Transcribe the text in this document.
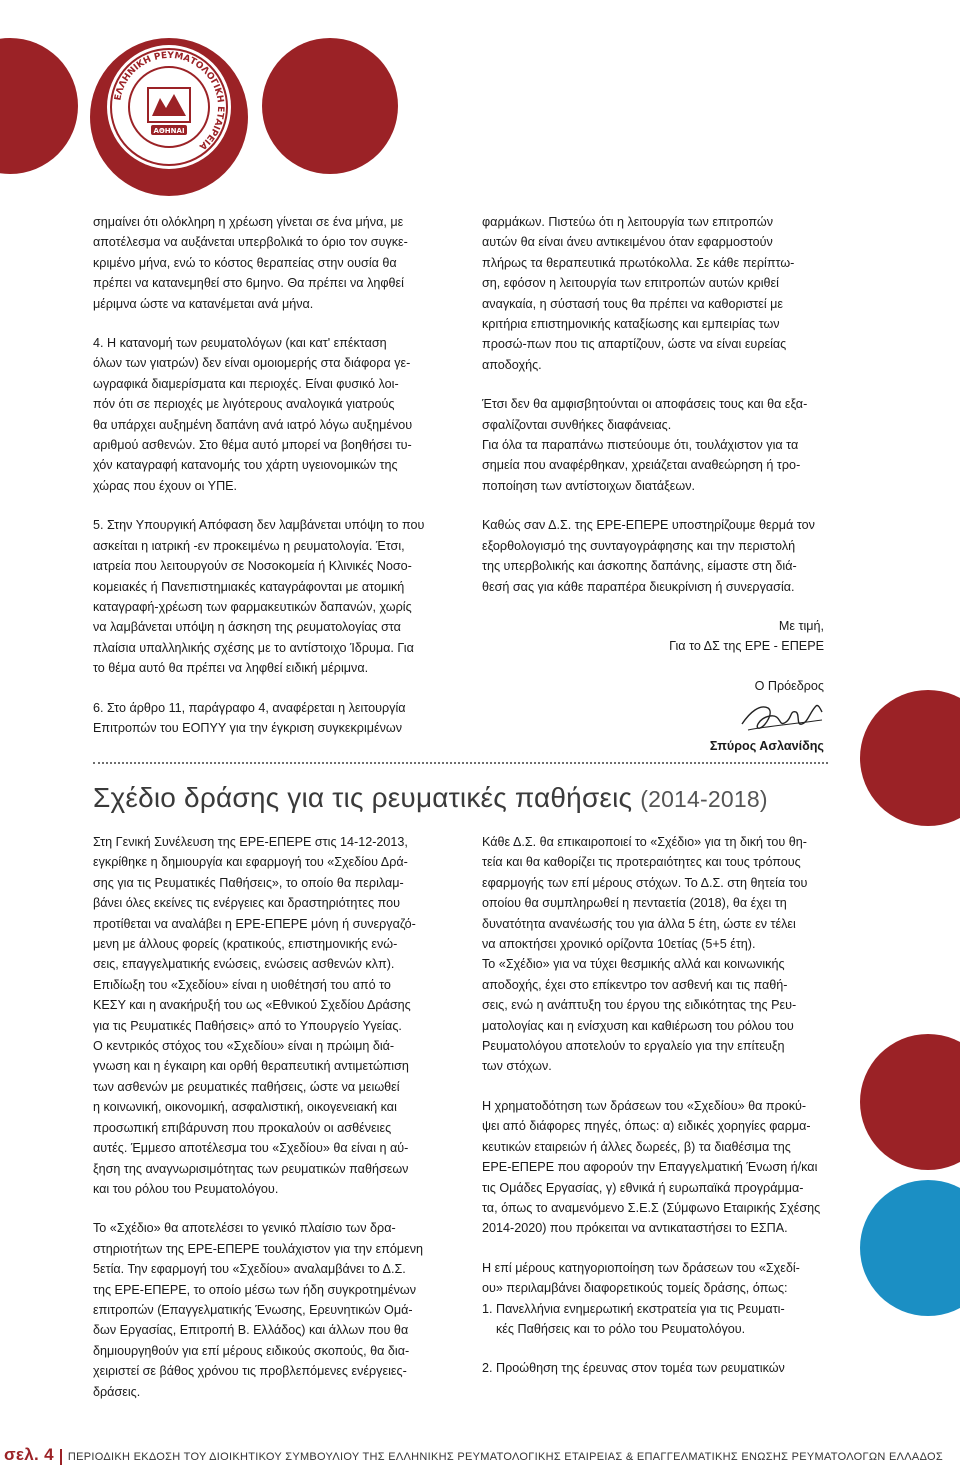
ΕΛΛΗΝΙΚΗ ΡΕΥΜΑΤΟΛΟΓΙΚΗ ΕΤΑΙΡΕΙΑ
ΑΘΗΝΑΙ

σημαίνει ότι ολόκληρη η χρέωση γίνεται σε ένα μήνα, με
αποτέλεσμα να αυξάνεται υπερβολικά το όριο τον συγκε-
κριμένο μήνα, ενώ το κόστος θεραπείας στην ουσία θα
πρέπει να κατανεμηθεί στο 6μηνο. Θα πρέπει να ληφθεί
μέριμνα ώστε να κατανέμεται ανά μήνα.

4. Η κατανομή των ρευματολόγων (και κατ' επέκταση
όλων των γιατρών) δεν είναι ομοιομερής στα διάφορα γε-
ωγραφικά διαμερίσματα και περιοχές. Είναι φυσικό λοι-
πόν ότι σε περιοχές με λιγότερους αναλογικά γιατρούς
θα υπάρχει αυξημένη δαπάνη ανά ιατρό λόγω αυξημένου
αριθμού ασθενών. Στο θέμα αυτό μπορεί να βοηθήσει τυ-
χόν καταγραφή κατανομής του χάρτη υγειονομικών της
χώρας που έχουν οι ΥΠΕ.

5. Στην Υπουργική Απόφαση δεν λαμβάνεται υπόψη το που
ασκείται η ιατρική -εν προκειμένω η ρευματολογία. Έτσι,
ιατρεία που λειτουργούν σε Νοσοκομεία ή Κλινικές Νοσο-
κομειακές ή Πανεπιστημιακές καταγράφονται με ατομική
καταγραφή-χρέωση των φαρμακευτικών δαπανών, χωρίς
να λαμβάνεται υπόψη η άσκηση της ρευματολογίας στα
πλαίσια υπαλληλικής σχέσης με το αντίστοιχο Ίδρυμα. Για
το θέμα αυτό θα πρέπει να ληφθεί ειδική μέριμνα.

6. Στο άρθρο 11, παράγραφο 4, αναφέρεται η λειτουργία
Επιτροπών του ΕΟΠΥΥ για την έγκριση συγκεκριμένων

φαρμάκων. Πιστεύω ότι η λειτουργία των επιτροπών
αυτών θα είναι άνευ αντικειμένου όταν εφαρμοστούν
πλήρως τα θεραπευτικά πρωτόκολλα. Σε κάθε περίπτω-
ση, εφόσον η λειτουργία των επιτροπών αυτών κριθεί
αναγκαία, η σύστασή τους θα πρέπει να καθοριστεί με
κριτήρια επιστημονικής καταξίωσης και εμπειρίας των
προσώ-πων που τις απαρτίζουν, ώστε να είναι ευρείας
αποδοχής.

Έτσι δεν θα αμφισβητούνται οι αποφάσεις τους και θα εξα-
σφαλίζονται συνθήκες διαφάνειας.

Για όλα τα παραπάνω πιστεύουμε ότι, τουλάχιστον για τα
σημεία που αναφέρθηκαν, χρειάζεται αναθεώρηση ή τρο-
ποποίηση των αντίστοιχων διατάξεων.

Καθώς σαν Δ.Σ. της ΕΡΕ-ΕΠΕΡΕ υποστηρίζουμε θερμά τον
εξορθολογισμό της συνταγογράφησης και την περιστολή
της υπερβολικής και άσκοπης δαπάνης, είμαστε στη διά-
θεσή σας για κάθε παραπέρα διευκρίνιση ή συνεργασία.

Με τιμή,

Για το ΔΣ της ΕΡΕ - ΕΠΕΡΕ

Ο Πρόεδρος

Σπύρος Ασλανίδης

Σχέδιο δράσης για τις ρευματικές παθήσεις (2014-2018)

Στη Γενική Συνέλευση της ΕΡΕ-ΕΠΕΡΕ στις 14-12-2013,
εγκρίθηκε η δημιουργία και εφαρμογή του «Σχεδίου Δρά-
σης για τις Ρευματικές Παθήσεις», το οποίο θα περιλαμ-
βάνει όλες εκείνες τις ενέργειες και δραστηριότητες που
προτίθεται να αναλάβει η ΕΡΕ-ΕΠΕΡΕ μόνη ή συνεργαζό-
μενη με άλλους φορείς (κρατικούς, επιστημονικής ενώ-
σεις, επαγγελματικής ενώσεις, ενώσεις ασθενών κλπ).
Επιδίωξη του «Σχεδίου» είναι η υιοθέτησή του από το
ΚΕΣΥ και η ανακήρυξή του ως «Εθνικού Σχεδίου Δράσης
για τις Ρευματικές Παθήσεις» από το Υπουργείο Υγείας.
Ο κεντρικός στόχος του «Σχεδίου» είναι η πρώιμη διά-
γνωση και η έγκαιρη και ορθή θεραπευτική αντιμετώπιση
των ασθενών με ρευματικές παθήσεις, ώστε να μειωθεί
η κοινωνική, οικονομική, ασφαλιστική, οικογενειακή και
προσωπική επιβάρυνση που προκαλούν οι ασθένειες
αυτές. Έμμεσο αποτέλεσμα του «Σχεδίου» θα είναι η αύ-
ξηση της αναγνωρισιμότητας των ρευματικών παθήσεων
και του ρόλου του Ρευματολόγου.

Το «Σχέδιο» θα αποτελέσει το γενικό πλαίσιο των δρα-
στηριοτήτων της ΕΡΕ-ΕΠΕΡΕ τουλάχιστον για την επόμενη
5ετία. Την εφαρμογή του «Σχεδίου» αναλαμβάνει το Δ.Σ.
της ΕΡΕ-ΕΠΕΡΕ, το οποίο μέσω των ήδη συγκροτημένων
επιτροπών (Επαγγελματικής Ένωσης, Ερευνητικών Ομά-
δων Εργασίας, Επιτροπή Β. Ελλάδος) και άλλων που θα
δημιουργηθούν για επί μέρους ειδικούς σκοπούς, θα δια-
χειριστεί σε βάθος χρόνου τις προβλεπόμενες ενέργειες-
δράσεις.

Κάθε Δ.Σ. θα επικαιροποιεί το «Σχέδιο» για τη δική του θη-
τεία και θα καθορίζει τις προτεραιότητες και τους τρόπους
εφαρμογής των επί μέρους στόχων. Το Δ.Σ. στη θητεία του
οποίου θα συμπληρωθεί η πενταετία (2018), θα έχει τη
δυνατότητα ανανέωσής του για άλλα 5 έτη, ώστε εν τέλει
να αποκτήσει χρονικό ορίζοντα 10ετίας (5+5 έτη).
Το «Σχέδιο» για να τύχει θεσμικής αλλά και κοινωνικής
αποδοχής, έχει στο επίκεντρο τον ασθενή και τις παθή-
σεις, ενώ η ανάπτυξη του έργου της ειδικότητας της Ρευ-
ματολογίας και η ενίσχυση και καθιέρωση του ρόλου του
Ρευματολόγου αποτελούν το εργαλείο για την επίτευξη
των στόχων.

Η χρηματοδότηση των δράσεων του «Σχεδίου» θα προκύ-
ψει από διάφορες πηγές, όπως: α) ειδικές χορηγίες φαρμα-
κευτικών εταιρειών ή άλλες δωρεές, β) τα διαθέσιμα της
ΕΡΕ-ΕΠΕΡΕ που αφορούν την Επαγγελματική Ένωση ή/και
τις Ομάδες Εργασίας, γ) εθνικά ή ευρωπαϊκά προγράμμα-
τα, όπως το αναμενόμενο Σ.Ε.Σ (Σύμφωνο Εταιρικής Σχέσης
2014-2020) που πρόκειται να αντικαταστήσει το ΕΣΠΑ.

Η επί μέρους κατηγοριοποίηση των δράσεων του «Σχεδί-
ου» περιλαμβάνει διαφορετικούς τομείς δράσης, όπως:

1. Πανελλήνια ενημερωτική εκστρατεία για τις Ρευματι-

κές Παθήσεις και το ρόλο του Ρευματολόγου.

2. Προώθηση της έρευνας στον τομέα των ρευματικών

σελ. 4 ΠΕΡΙΟΔΙΚΗ ΕΚΔΟΣΗ ΤΟΥ ΔΙΟΙΚΗΤΙΚΟΥ ΣΥΜΒΟΥΛΙΟΥ ΤΗΣ ΕΛΛΗΝΙΚΗΣ ΡΕΥΜΑΤΟΛΟΓΙΚΗΣ ΕΤΑΙΡΕΙΑΣ & ΕΠΑΓΓΕΛΜΑΤΙΚΗΣ ΕΝΩΣΗΣ ΡΕΥΜΑΤΟΛΟΓΩΝ ΕΛΛΑΔΟΣ
